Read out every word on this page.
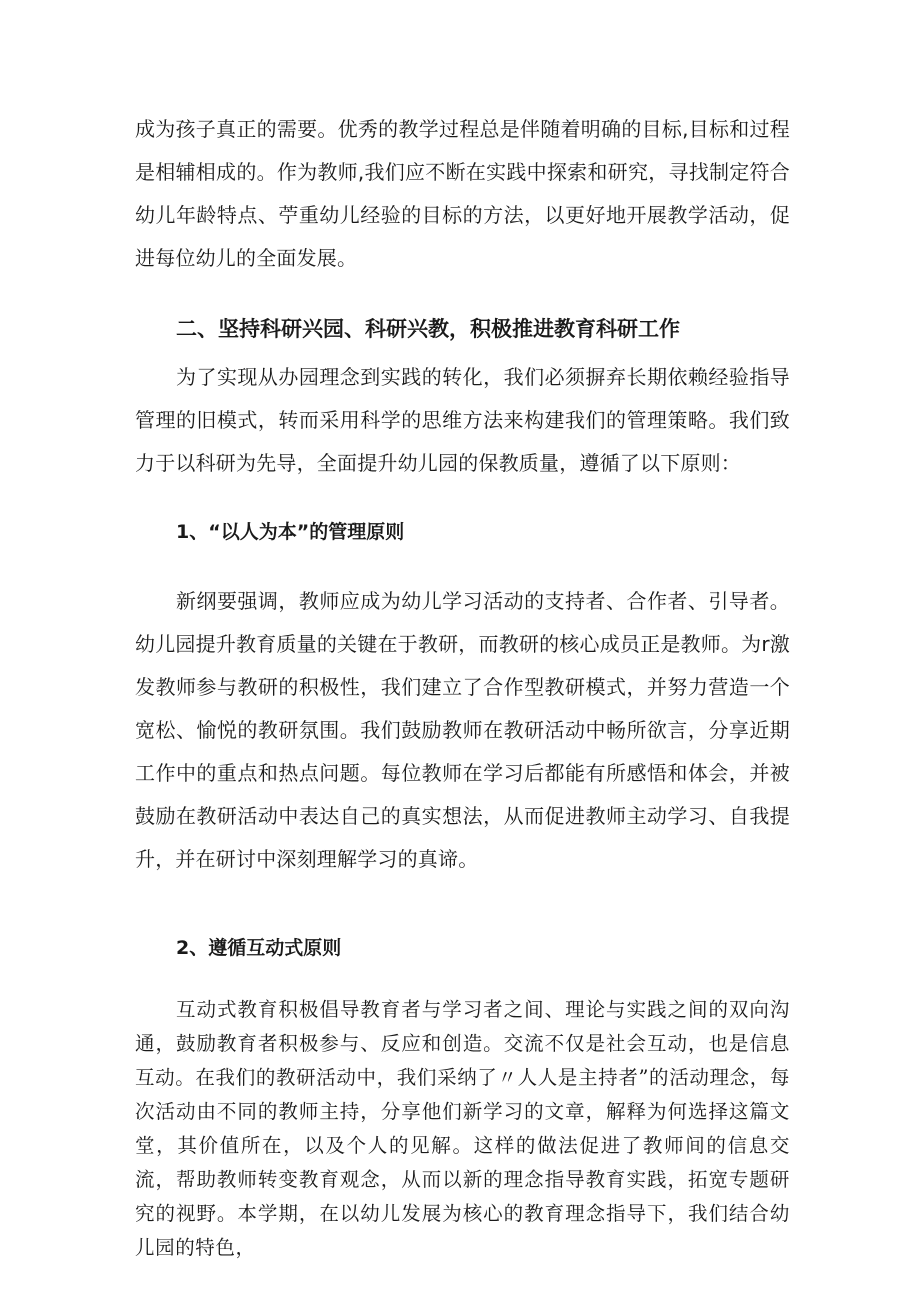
成为孩子真正的需要。优秀的教学过程总是伴随着明确的目标,目标和过程是相辅相成的。作为教师,我们应不断在实践中探索和研究，寻找制定符合幼儿年龄特点、苧重幼儿经验的目标的方法，以更好地开展教学活动，促进每位幼儿的全面发展。

二、坚持科研兴园、科研兴教，积极推进教育科研工作

为了实现从办园理念到实践的转化，我们必须摒弃长期依赖经验指导管理的旧模式，转而采用科学的思维方法来构建我们的管理策略。我们致力于以科研为先导，全面提升幼儿园的保教质量，遵循了以下原则：

1、“以人为本”的管理原则

新纲要强调，教师应成为幼儿学习活动的支持者、合作者、引导者。幼儿园提升教育质量的关键在于教研，而教研的核心成员正是教师。为r激发教师参与教研的积极性，我们建立了合作型教研模式，并努力营造一个宽松、愉悦的教研氛围。我们鼓励教师在教研活动中畅所欲言，分享近期工作中的重点和热点问题。每位教师在学习后都能有所感悟和体会，并被鼓励在教研活动中表达自己的真实想法，从而促进教师主动学习、自我提升，并在研讨中深刻理解学习的真谛。

2、遵循互动式原则

互动式教育积极倡导教育者与学习者之间、理论与实践之间的双向沟通，鼓励教育者积极参与、反应和创造。交流不仅是社会互动，也是信息互动。在我们的教研活动中，我们采纳了〃人人是主持者”的活动理念，每次活动由不同的教师主持，分享他们新学习的文章，解释为何选择这篇文堂，其价值所在，以及个人的见解。这样的做法促进了教师间的信息交流，帮助教师转变教育观念，从而以新的理念指导教育实践，拓宽专题研究的视野。本学期，在以幼儿发展为核心的教育理念指导下，我们结合幼儿园的特色，
